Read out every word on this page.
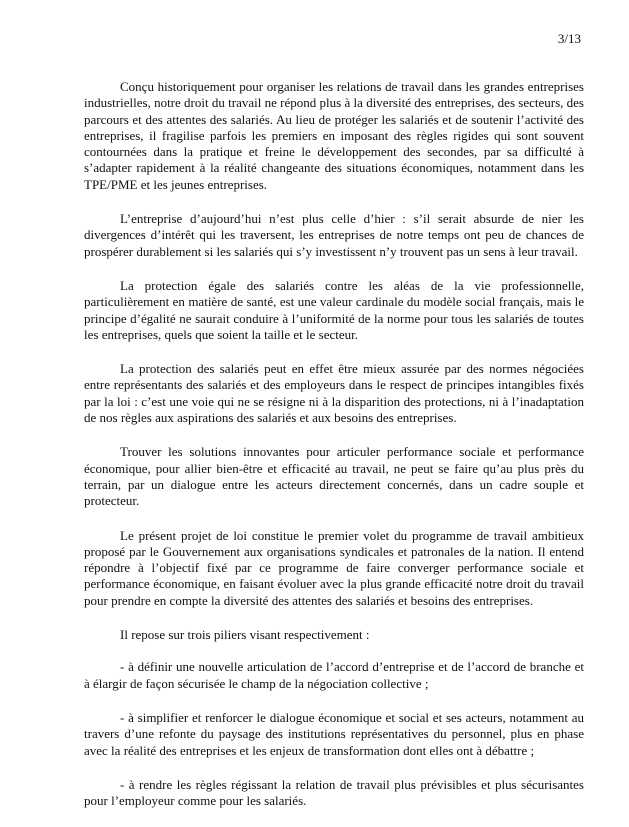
3/13

Conçu historiquement pour organiser les relations de travail dans les grandes entreprises industrielles, notre droit du travail ne répond plus à la diversité des entreprises, des secteurs, des parcours et des attentes des salariés. Au lieu de protéger les salariés et de soutenir l’activité des entreprises, il fragilise parfois les premiers en imposant des règles rigides qui sont souvent contournées dans la pratique et freine le développement des secondes, par sa difficulté à s’adapter rapidement à la réalité changeante des situations économiques, notamment dans les TPE/PME et les jeunes entreprises.

L’entreprise d’aujourd’hui n’est plus celle d’hier : s’il serait absurde de nier les divergences d’intérêt qui les traversent, les entreprises de notre temps ont peu de chances de prospérer durablement si les salariés qui s’y investissent n’y trouvent pas un sens à leur travail.

La protection égale des salariés contre les aléas de la vie professionnelle, particulièrement en matière de santé, est une valeur cardinale du modèle social français, mais le principe d’égalité ne saurait conduire à l’uniformité de la norme pour tous les salariés de toutes les entreprises, quels que soient la taille et le secteur.

La protection des salariés peut en effet être mieux assurée par des normes négociées entre représentants des salariés et des employeurs dans le respect de principes intangibles fixés par la loi : c’est une voie qui ne se résigne ni à la disparition des protections, ni à l’inadaptation de nos règles aux aspirations des salariés et aux besoins des entreprises.

Trouver les solutions innovantes pour articuler performance sociale et performance économique, pour allier bien-être et efficacité au travail, ne peut se faire qu’au plus près du terrain, par un dialogue entre les acteurs directement concernés, dans un cadre souple et protecteur.

Le présent projet de loi constitue le premier volet du programme de travail ambitieux proposé par le Gouvernement aux organisations syndicales et patronales de la nation. Il entend répondre à l’objectif fixé par ce programme de faire converger performance sociale et performance économique, en faisant évoluer avec la plus grande efficacité notre droit du travail pour prendre en compte la diversité des attentes des salariés et besoins des entreprises.

Il repose sur trois piliers visant respectivement :

- à définir une nouvelle articulation de l’accord d’entreprise et de l’accord de branche et à élargir de façon sécurisée le champ de la négociation collective ;

- à simplifier et renforcer le dialogue économique et social et ses acteurs, notamment au travers d’une refonte du paysage des institutions représentatives du personnel, plus en phase avec la réalité des entreprises et les enjeux de transformation dont elles ont à débattre ;

- à rendre les règles régissant la relation de travail plus prévisibles et plus sécurisantes pour l’employeur comme pour les salariés.
